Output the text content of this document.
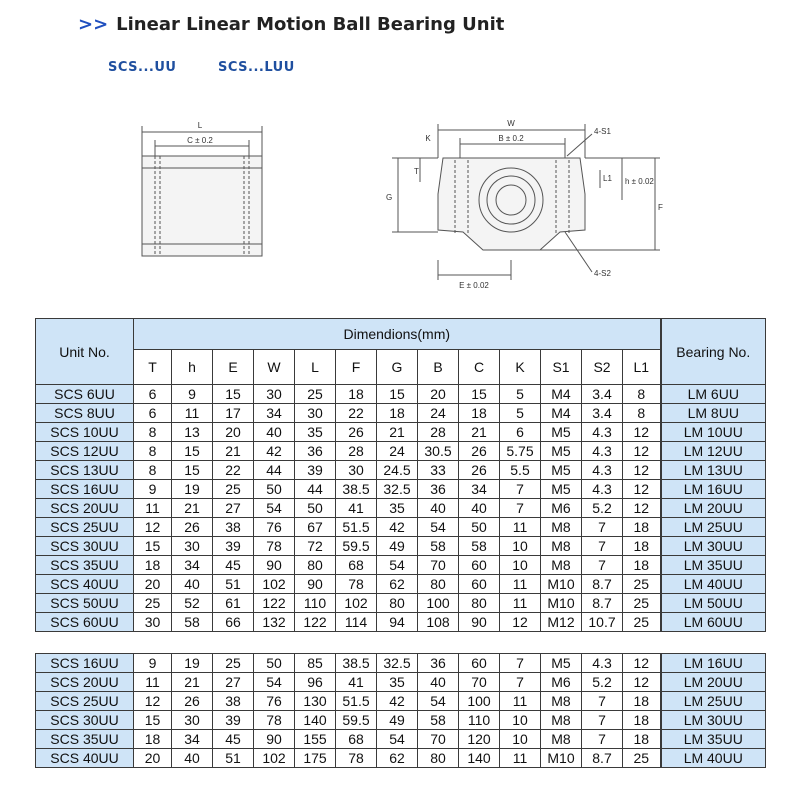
>> Linear Linear Motion Ball Bearing Unit
SCS...UU	SCS...LUU
L
C ± 0.2
W
B ± 0.2
K
4-S1
T
L1 h ± 0.02
G
F
E ± 0.02
4-S2
Unit No.	Dimendions(mm)													Bearing No.
	T	h	E	W	L	F	G	B	C	K	S1	S2	L1	
SCS 6UU	6	9	15	30	25	18	15	20	15	5	M4	3.4	8	LM 6UU
SCS 8UU	6	11	17	34	30	22	18	24	18	5	M4	3.4	8	LM 8UU
SCS 10UU	8	13	20	40	35	26	21	28	21	6	M5	4.3	12	LM 10UU
SCS 12UU	8	15	21	42	36	28	24	30.5	26	5.75	M5	4.3	12	LM 12UU
SCS 13UU	8	15	22	44	39	30	24.5	33	26	5.5	M5	4.3	12	LM 13UU
SCS 16UU	9	19	25	50	44	38.5	32.5	36	34	7	M5	4.3	12	LM 16UU
SCS 20UU	11	21	27	54	50	41	35	40	40	7	M6	5.2	12	LM 20UU
SCS 25UU	12	26	38	76	67	51.5	42	54	50	11	M8	7	18	LM 25UU
SCS 30UU	15	30	39	78	72	59.5	49	58	58	10	M8	7	18	LM 30UU
SCS 35UU	18	34	45	90	80	68	54	70	60	10	M8	7	18	LM 35UU
SCS 40UU	20	40	51	102	90	78	62	80	60	11	M10	8.7	25	LM 40UU
SCS 50UU	25	52	61	122	110	102	80	100	80	11	M10	8.7	25	LM 50UU
SCS 60UU	30	58	66	132	122	114	94	108	90	12	M12	10.7	25	LM 60UU

SCS 16UU	9	19	25	50	85	38.5	32.5	36	60	7	M5	4.3	12	LM 16UU
SCS 20UU	11	21	27	54	96	41	35	40	70	7	M6	5.2	12	LM 20UU
SCS 25UU	12	26	38	76	130	51.5	42	54	100	11	M8	7	18	LM 25UU
SCS 30UU	15	30	39	78	140	59.5	49	58	110	10	M8	7	18	LM 30UU
SCS 35UU	18	34	45	90	155	68	54	70	120	10	M8	7	18	LM 35UU
SCS 40UU	20	40	51	102	175	78	62	80	140	11	M10	8.7	25	LM 40UU
